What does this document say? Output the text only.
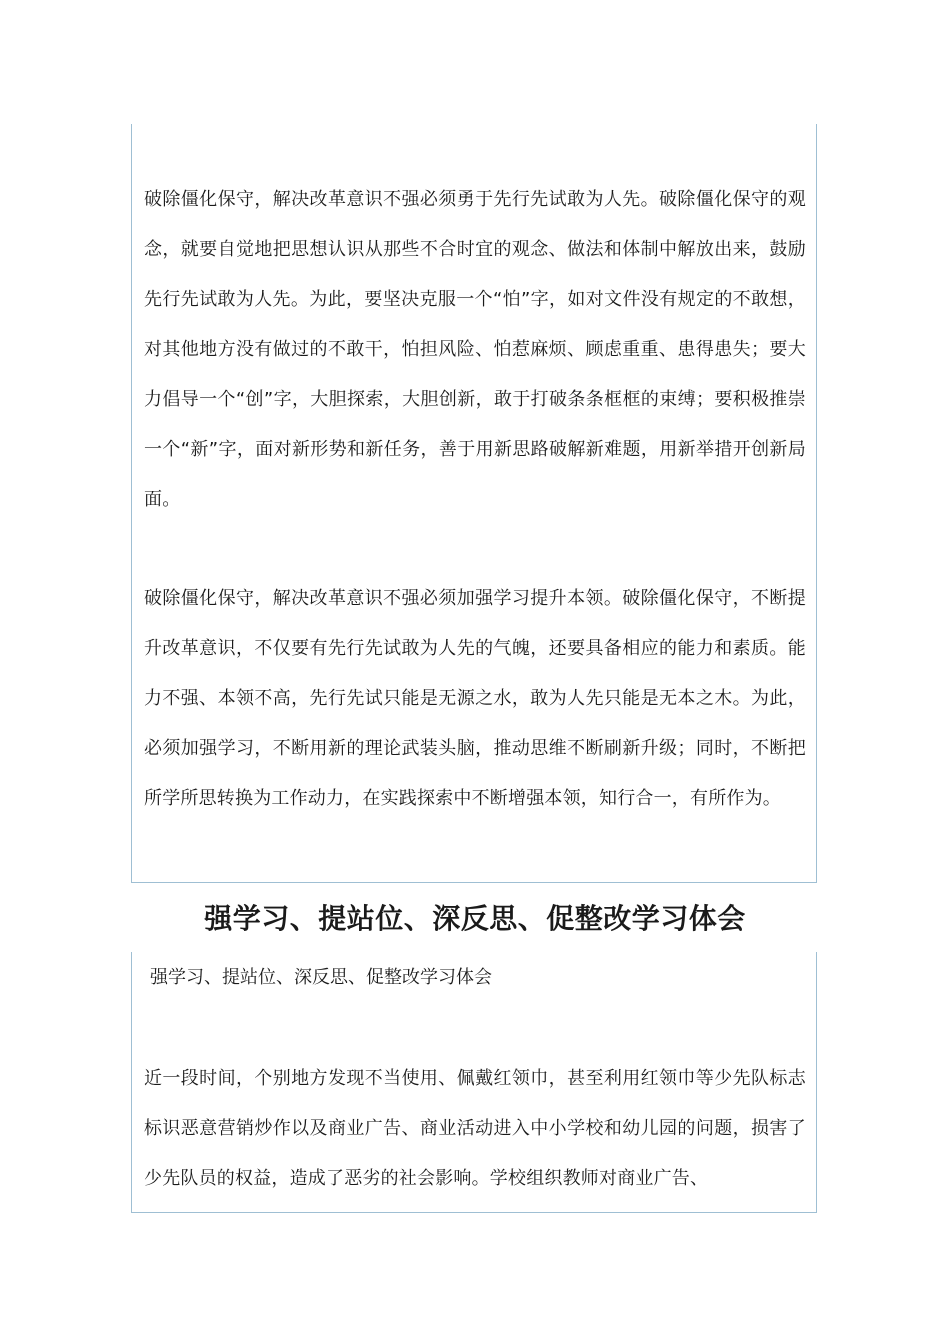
破除僵化保守，解决改革意识不强必须勇于先行先试敢为人先。破除僵化保守的观念，就要自觉地把思想认识从那些不合时宜的观念、做法和体制中解放出来，鼓励先行先试敢为人先。为此，要坚决克服一个“怕”字，如对文件没有规定的不敢想，对其他地方没有做过的不敢干，怕担风险、怕惹麻烦、顾虑重重、患得患失；要大力倡导一个“创”字，大胆探索，大胆创新，敢于打破条条框框的束缚；要积极推崇一个“新”字，面对新形势和新任务，善于用新思路破解新难题，用新举措开创新局面。

破除僵化保守，解决改革意识不强必须加强学习提升本领。破除僵化保守，不断提升改革意识，不仅要有先行先试敢为人先的气魄，还要具备相应的能力和素质。能力不强、本领不高，先行先试只能是无源之水，敢为人先只能是无本之木。为此，必须加强学习，不断用新的理论武装头脑，推动思维不断刷新升级；同时，不断把所学所思转换为工作动力，在实践探索中不断增强本领，知行合一，有所作为。

强学习、提站位、深反思、促整改学习体会

强学习、提站位、深反思、促整改学习体会

近一段时间，个别地方发现不当使用、佩戴红领巾，甚至利用红领巾等少先队标志标识恶意营销炒作以及商业广告、商业活动进入中小学校和幼儿园的问题，损害了少先队员的权益，造成了恶劣的社会影响。学校组织教师对商业广告、
